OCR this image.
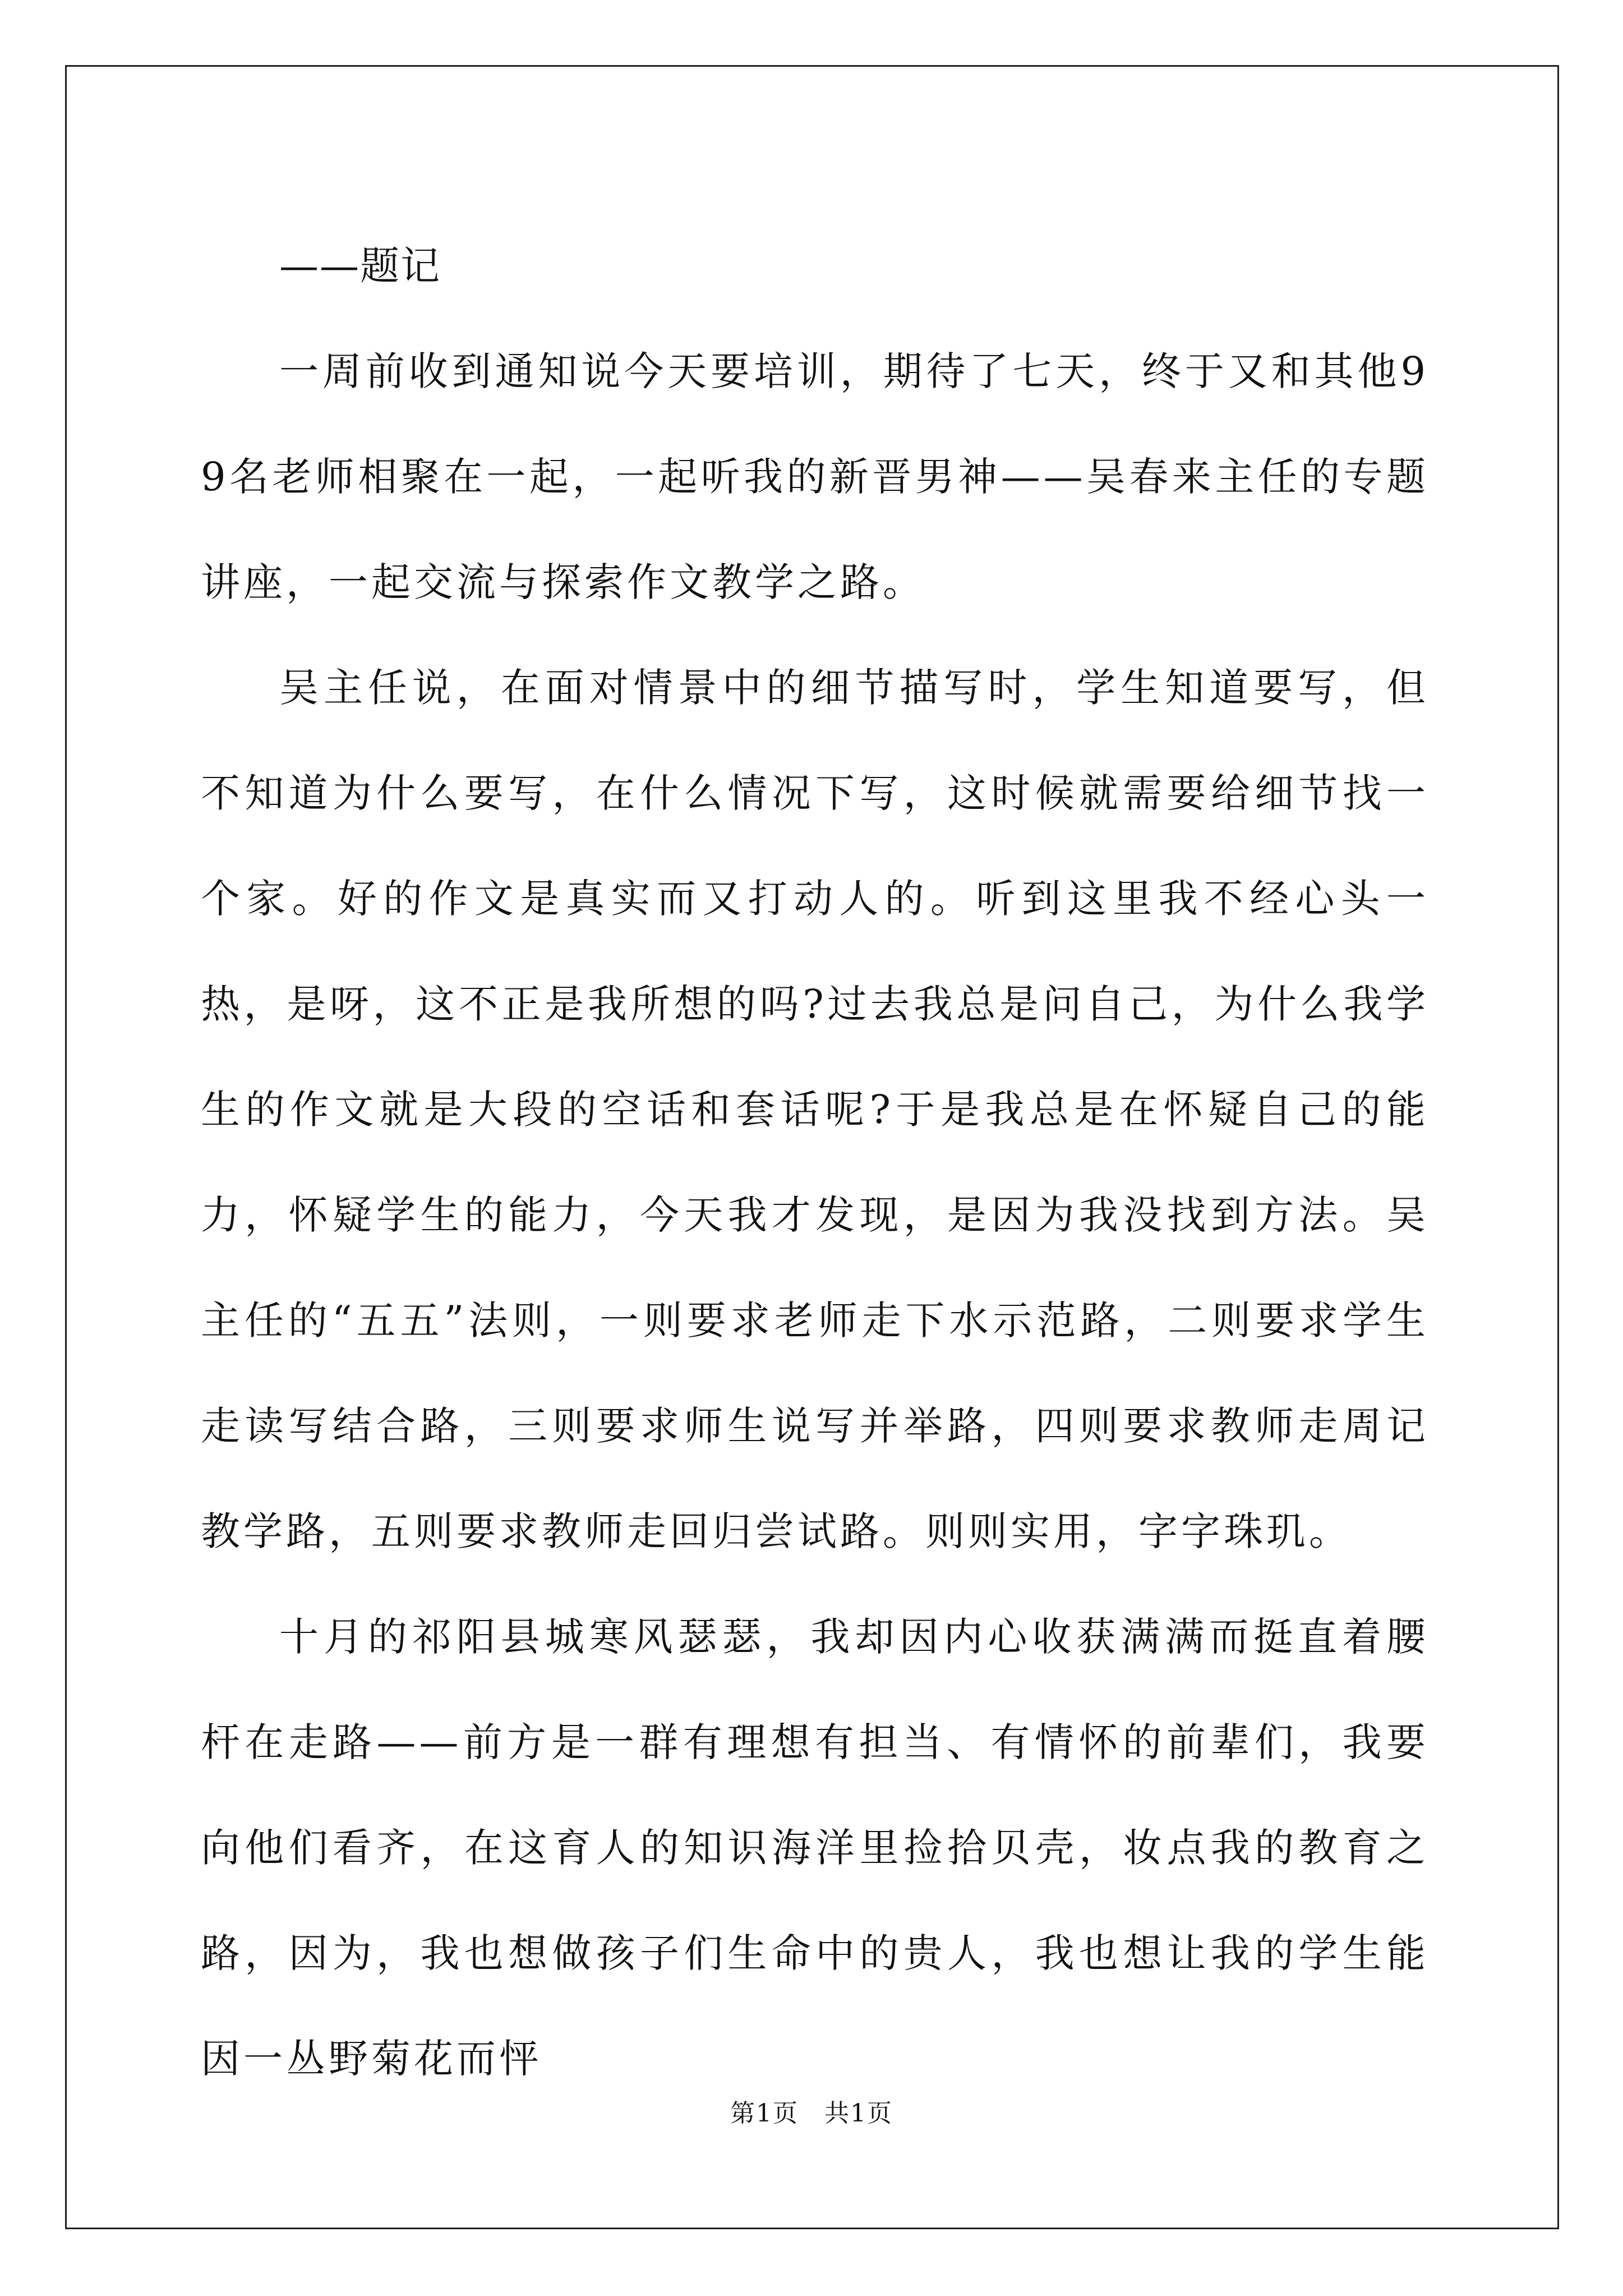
——题记

一周前收到通知说今天要培训，期待了七天，终于又和其他99名老师相聚在一起，一起听我的新晋男神——吴春来主任的专题讲座，一起交流与探索作文教学之路。

吴主任说，在面对情景中的细节描写时，学生知道要写，但不知道为什么要写，在什么情况下写，这时候就需要给细节找一个家。好的作文是真实而又打动人的。听到这里我不经心头一热，是呀，这不正是我所想的吗?过去我总是问自己，为什么我学生的作文就是大段的空话和套话呢?于是我总是在怀疑自己的能力，怀疑学生的能力，今天我才发现，是因为我没找到方法。吴主任的“五五”法则，一则要求老师走下水示范路，二则要求学生走读写结合路，三则要求师生说写并举路，四则要求教师走周记教学路，五则要求教师走回归尝试路。则则实用，字字珠玑。

十月的祁阳县城寒风瑟瑟，我却因内心收获满满而挺直着腰杆在走路——前方是一群有理想有担当、有情怀的前辈们，我要向他们看齐，在这育人的知识海洋里捡拾贝壳，妆点我的教育之路，因为，我也想做孩子们生命中的贵人，我也想让我的学生能因一丛野菊花而怦

第1页　共1页
